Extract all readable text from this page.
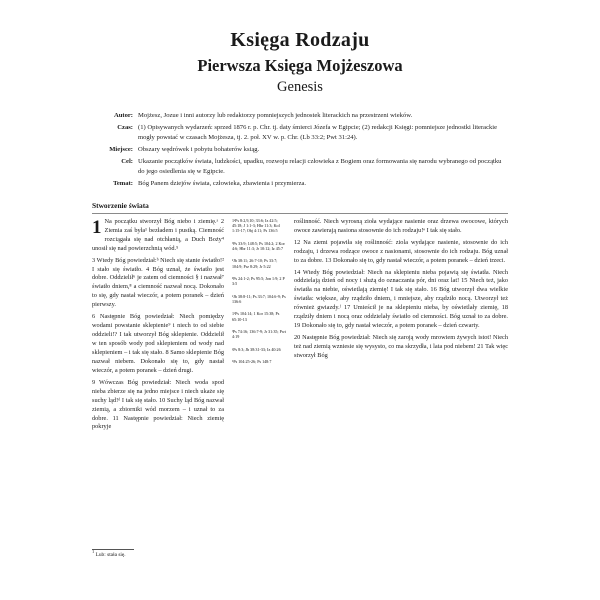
Księga Rodzaju
Pierwsza Księga Mojżeszowa
Genesis
Autor: Mojżesz, Jozue i inni autorzy lub redaktorzy pomniejszych jednostek literackich na przestrzeni wieków.
Czas: (1) Opisywanych wydarzeń: sprzed 1876 r. p. Chr. tj. daty śmierci Józefa w Egipcie; (2) redakcji Księgi: pomniejsze jednostki literackie mogły powstać w czasach Mojżesza, tj. 2. poł. XV w. p. Chr. (Lb 33:2; Pwt 31:24).
Miejsce: Obszary wędrówek i pobytu bohaterów ksiąg.
Cel: Ukazanie początków świata, ludzkości, upadku, rozwoju relacji człowieka z Bogiem oraz formowania się narodu wybranego od początku do jego osiedlenia się w Egipcie.
Temat: Bóg Panem dziejów świata, człowieka, zbawienia i przymierza.
Stworzenie świata

1 Na początku stworzył Bóg niebo i ziemię.ᵃ 2 Ziemia zaś była¹ bezładem i pustką. Ciemność rozciągała się nad otchłanią, a Duch Boży⁴ unosił się nad powierzchnią wód.⁵

3 Wtedy Bóg powiedział:ᵇ Niech się stanie światło!² I stało się światło. 4 Bóg uznał, że światło jest dobre. Oddzielił⁶ je zatem od ciemności § i nazwał⁷ światło dniem,⁸ a ciemność nazwał nocą. Dokonało to się, gdy nastał wieczór, a potem poranek – dzień pierwszy.

6 Następnie Bóg powiedział: Niech pomiędzy wodami powstanie sklepienie⁹ i niech to od siebie oddzieli!? I tak utworzył Bóg sklepienie. Oddzielił w ten sposób wody pod sklepieniem od wody nad sklepieniem – i tak się stało. 8 Samo sklepienie Bóg nazwał niebem. Dokonało się to, gdy nastał wieczór, a potem poranek – dzień drugi.

9 Wówczas Bóg powiedział: Niech woda spod nieba zbierze się na jedno miejsce i niech ukaże się suchy ląd!ᵈ I tak się stało. 10 Suchy ląd Bóg nazwał ziemią, a zbiorniki wód morzem – i uznał to za dobre. 11 Następnie powiedział: Niech ziemię pokryje

1ᵃPs 8:2,9,10; 33:6; Iz 42:5; 45:18; J 1:1-3; Hbr 11:3; Kol 1:15-17; Obj 4:11; Ps 136:5
ᵇPs 33:9; 148:5; Ps 104:2; 2 Kor 4:6; Hbr 11:3; Jr 10:12; Iz 45:7
²Jb 38:11; 26:7-10; Ps 33:7; 104:9; Prz 8:29; Jr 5:22
³Ps 24:1-2; Ps 95:5; Jon 1:9; 2 P 3:5
ᵈJb 38:8-11; Ps 33:7; 104:6-9; Ps 136:6
1ᵉPs 104:14; 1 Kor 15:38; Ps 65:10-13
ᶠPs 74:16; 136:7-9; Jr 31:35; Pwt 4:19
ᵍPs 8:3; Jb 38:31-33; Iz 40:26
ʰPs 104:25-26; Ps 148:7

roślinność. Niech wyrosną zioła wydające nasienie oraz drzewa owocowe, których owoce zawierają nasiona stosownie do ich rodzaju!ᵉ I tak się stało.

12 Na ziemi pojawiła się roślinność: ziola wydające nasienie, stosownie do ich rodzaju, i drzewa rodzące owoce z nasionami, stosownie do ich rodzaju. Bóg uznał to za dobre. 13 Dokonało się to, gdy nastał wieczór, a potem poranek – dzień trzeci.

14 Wtedy Bóg powiedział: Niech na sklepieniu nieba pojawią się światła. Niech oddzielają dzień od nocy i służą do oznaczania pór, dni oraz lat! 15 Niech też, jako światła na niebie, oświetlają ziemię! I tak się stało. 16 Bóg utworzył dwa wielkie światła: większe, aby rządziło dniem, i mniejsze, aby rządziło nocą. Utworzył też również gwiazdy.ᶠ 17 Umieścił je na sklepieniu nieba, by oświetlały ziemię, 18 rządziły dniem i nocą oraz oddzielały światło od ciemności. Bóg uznał to za dobre. 19 Dokonało się to, gdy nastał wieczór, a potem poranek – dzień czwarty.

20 Następnie Bóg powiedział: Niech się zaroją wody mrowiem żywych istot! Niech też nad ziemią wzniesie się wysysto, co ma skrzydła, i lata pod niebem! 21 Tak więc stworzył Bóg

$^1$ Lub: stała się.
